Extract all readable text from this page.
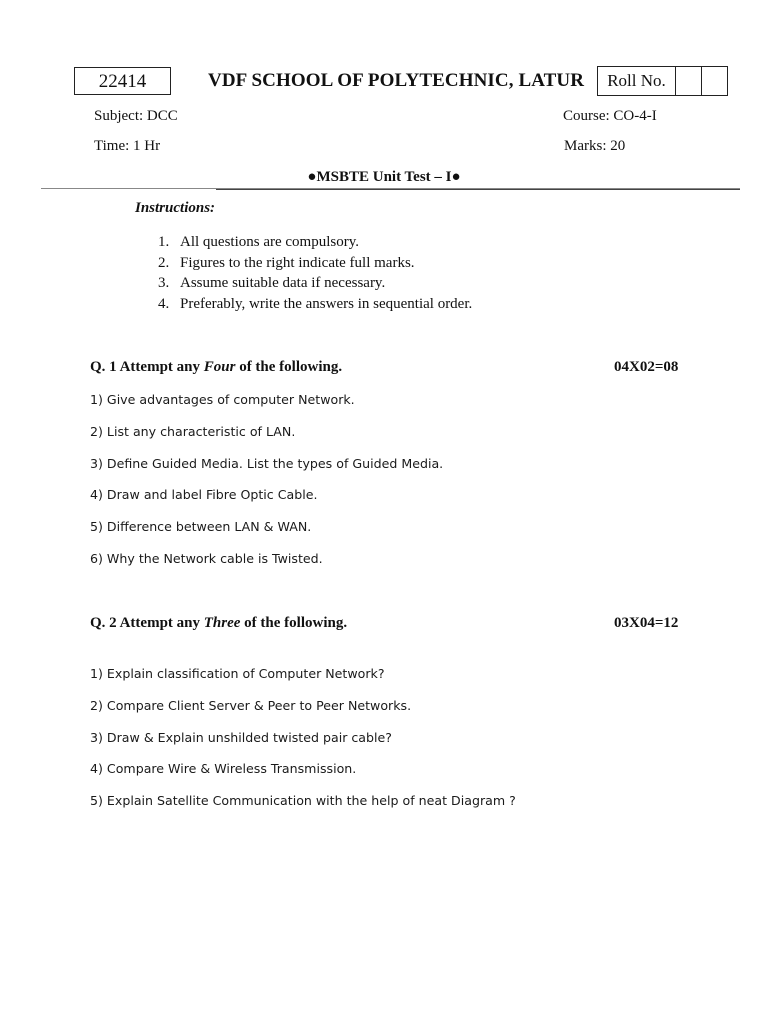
22414	VDF SCHOOL OF POLYTECHNIC, LATUR	Roll No.
Subject: DCC	Course: CO-4-I
Time: 1 Hr	Marks: 20
●MSBTE Unit Test – I●
Instructions:
1. All questions are compulsory.
2. Figures to the right indicate full marks.
3. Assume suitable data if necessary.
4. Preferably, write the answers in sequential order.
Q. 1 Attempt any Four of the following.	04X02=08
1) Give advantages of computer Network.
2) List any characteristic of LAN.
3) Define Guided Media. List the types of Guided Media.
4) Draw and label Fibre Optic Cable.
5) Difference between LAN & WAN.
6) Why the Network cable is Twisted.
Q. 2 Attempt any Three of the following.	03X04=12
1) Explain classification of Computer Network?
2) Compare Client Server & Peer to Peer Networks.
3) Draw & Explain unshilded twisted pair cable?
4) Compare Wire & Wireless Transmission.
5) Explain Satellite Communication with the help of neat Diagram ?
